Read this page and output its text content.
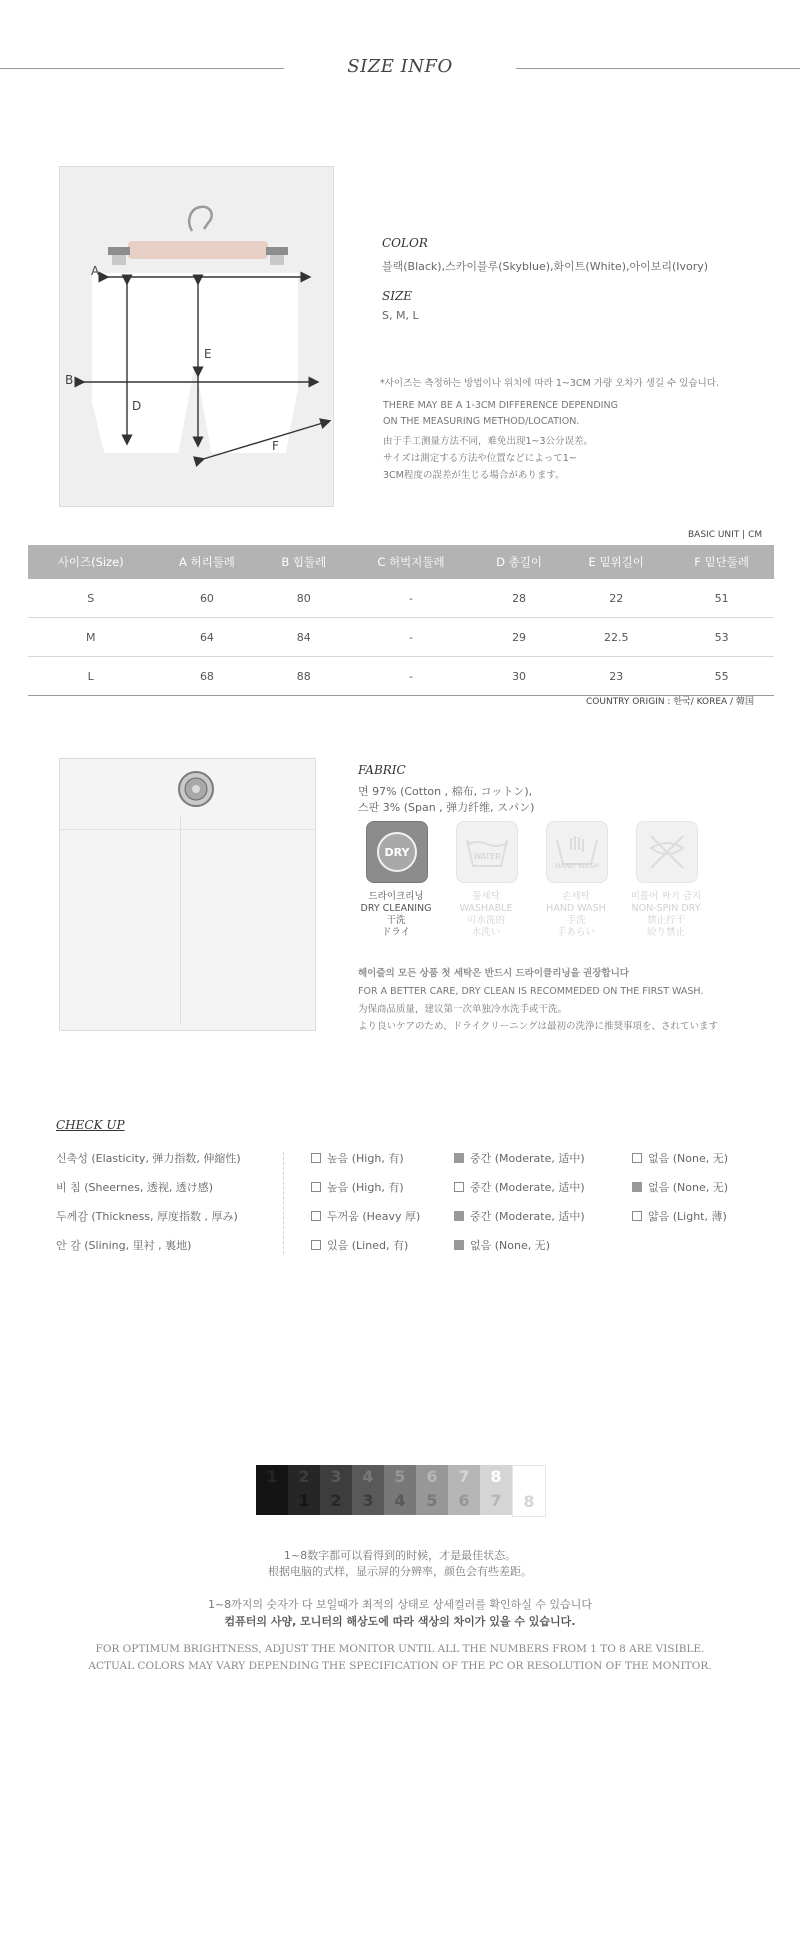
SIZE INFO
A
B
D
E
F
COLOR
블랙(Black),스카이블루(Skyblue),화이트(White),아이보리(Ivory)
SIZE
S, M, L
*사이즈는 측정하는 방법이나 위치에 따라 1~3CM 가량 오차가 생길 수 있습니다.
THERE MAY BE A 1-3CM DIFFERENCE DEPENDING
ON THE MEASURING METHOD/LOCATION.
由于手工测量方法不同，难免出现1~3公分误差。
サイズは測定する方法や位置などによって1~
3CM程度の誤差が生じる場合があります。
BASIC UNIT | CM
사이즈(Size)	A 허리둘레	B 힙둘레	C 허벅지둘레	D 총길이	E 밑위길이	F 밑단둘레
S	60	80	-	28	22	51
M	64	84	-	29	22.5	53
L	68	88	-	30	23	55
COUNTRY ORIGIN : 한국/ KOREA / 韓国
FABRIC
면 97% (Cotton , 棉布, コットン),
스판 3% (Span , 弹力纤维, スパン)
DRY	WATER
HAND WASH
드라이크리닝
DRY CLEANING
干洗
ドライ
물세탁
WASHABLE
可水洗的
水洗い
손세탁
HAND WASH
手洗
手あらい
비틀어 짜기 금지
NON-SPIN DRY
禁止拧干
絞り禁止
헤이즐의 모든 상품 첫 세탁은 반드시 드라이클리닝을 권장합니다
FOR A BETTER CARE, DRY CLEAN IS RECOMMEDED ON THE FIRST WASH.
为保商品质量，建议第一次单独冷水洗手或干洗。
より良いケアのため、ドライクリーニングは最初の洗浄に推奨事項を、されています
CHECK UP
신축성 (Elasticity, 弹力指数, 伸縮性)	높음 (High, 有)	중간 (Moderate, 适中)	없음 (None, 无)
비 침 (Sheernes, 透视, 透け感)	높음 (High, 有)	중간 (Moderate, 适中)	없음 (None, 无)
두께감 (Thickness, 厚度指数 , 厚み)	두꺼움 (Heavy 厚)	중간 (Moderate, 适中)	얇음 (Light, 薄)
안 감 (Slining, 里衬 , 裏地)	있음 (Lined, 有)	없음 (None, 无)
1	2
1
3
2
4
3
5
4
6
5
7
6
8
7	8
1~8数字都可以看得到的时候，才是最佳状态。
根据电脑的式样，显示屏的分辨率，颜色会有些差距。
1~8까지의 숫자가 다 보일때가 최적의 상태로 상세컬러를 확인하실 수 있습니다
컴퓨터의 사양, 모니터의 해상도에 따라 색상의 차이가 있을 수 있습니다.
FOR OPTIMUM BRIGHTNESS, ADJUST THE MONITOR UNTIL ALL THE NUMBERS FROM 1 TO 8 ARE VISIBLE.
ACTUAL COLORS MAY VARY DEPENDING THE SPECIFICATION OF THE PC OR RESOLUTION OF THE MONITOR.
